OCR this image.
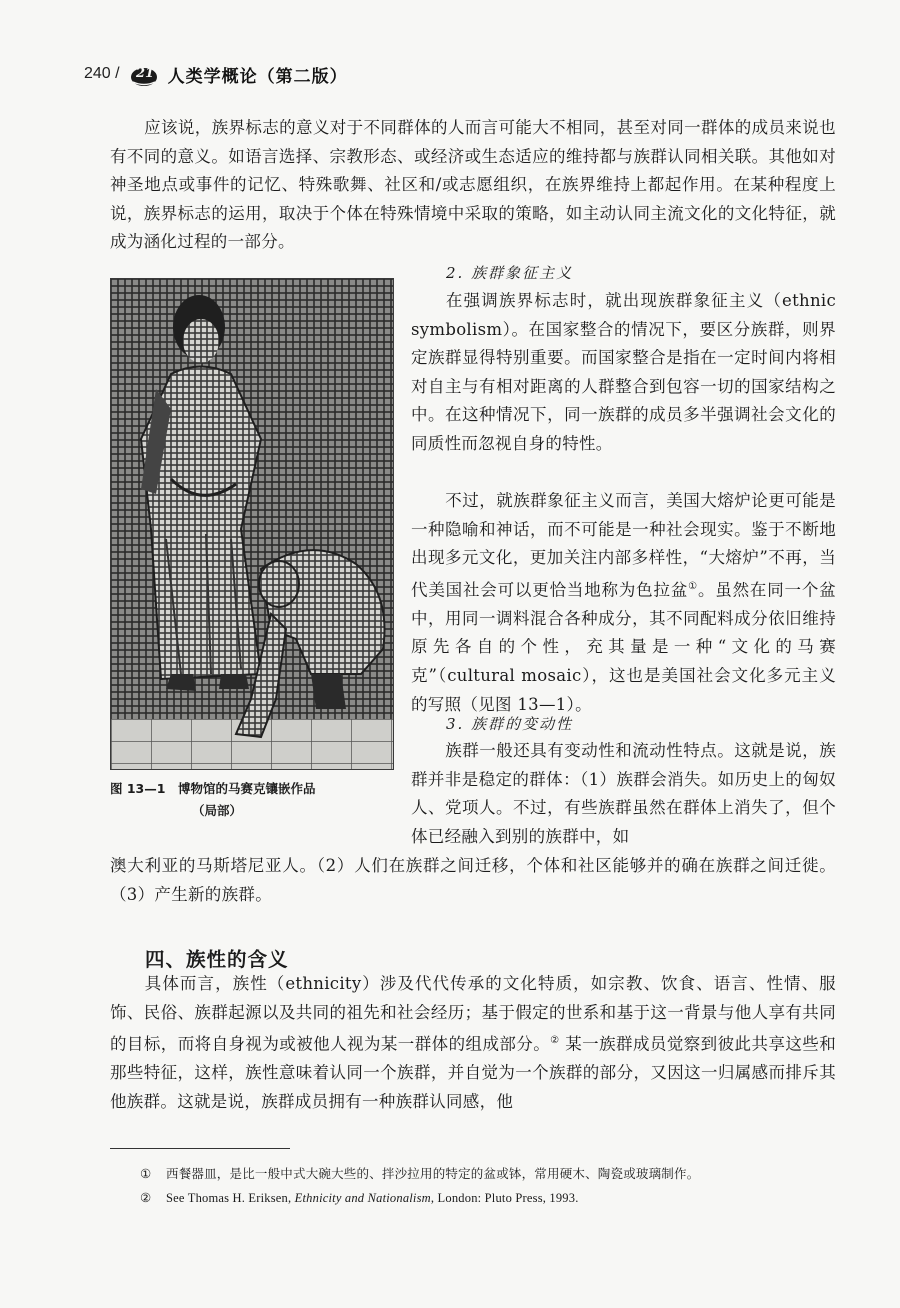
240 / 21 人类学概论（第二版）
应该说，族界标志的意义对于不同群体的人而言可能大不相同，甚至对同一群体的成员来说也有不同的意义。如语言选择、宗教形态、或经济或生态适应的维持都与族群认同相关联。其他如对神圣地点或事件的记忆、特殊歌舞、社区和/或志愿组织，在族界维持上都起作用。在某种程度上说，族界标志的运用，取决于个体在特殊情境中采取的策略，如主动认同主流文化的文化特征，就成为涵化过程的一部分。
图 13—1　博物馆的马赛克镶嵌作品
（局部）
2. 族群象征主义
在强调族界标志时，就出现族群象征主义（ethnic symbolism）。在国家整合的情况下，要区分族群，则界定族群显得特别重要。而国家整合是指在一定时间内将相对自主与有相对距离的人群整合到包容一切的国家结构之中。在这种情况下，同一族群的成员多半强调社会文化的同质性而忽视自身的特性。
不过，就族群象征主义而言，美国大熔炉论更可能是一种隐喻和神话，而不可能是一种社会现实。鉴于不断地出现多元文化，更加关注内部多样性，“大熔炉”不再，当代美国社会可以更恰当地称为色拉盆①。虽然在同一个盆中，用同一调料混合各种成分，其不同配料成分依旧维持原先各自的个性，充其量是一种“文化的马赛克”（cultural mosaic），这也是美国社会文化多元主义的写照（见图 13—1）。
3. 族群的变动性
族群一般还具有变动性和流动性特点。这就是说，族群并非是稳定的群体：（1）族群会消失。如历史上的匈奴人、党项人。不过，有些族群虽然在群体上消失了，但个体已经融入到别的族群中，如
澳大利亚的马斯塔尼亚人。（2）人们在族群之间迁移，个体和社区能够并的确在族群之间迁徙。（3）产生新的族群。
四、族性的含义
具体而言，族性（ethnicity）涉及代代传承的文化特质，如宗教、饮食、语言、性情、服饰、民俗、族群起源以及共同的祖先和社会经历；基于假定的世系和基于这一背景与他人享有共同的目标，而将自身视为或被他人视为某一群体的组成部分。② 某一族群成员觉察到彼此共享这些和那些特征，这样，族性意味着认同一个族群，并自觉为一个族群的部分，又因这一归属感而排斥其他族群。这就是说，族群成员拥有一种族群认同感，他
① 西餐器皿，是比一般中式大碗大些的、拌沙拉用的特定的盆或钵，常用硬木、陶瓷或玻璃制作。
② See Thomas H. Eriksen, Ethnicity and Nationalism, London: Pluto Press, 1993.
